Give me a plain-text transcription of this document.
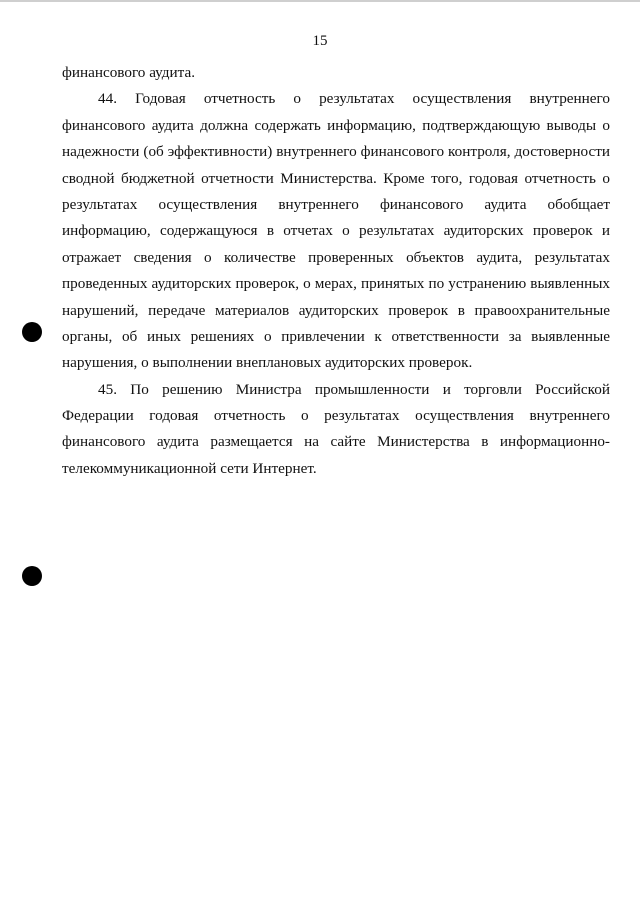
15
финансового аудита.
44. Годовая отчетность о результатах осуществления внутреннего
финансового аудита должна содержать информацию, подтверждающую выводы о
надежности (об эффективности) внутреннего финансового контроля, достоверности
сводной бюджетной отчетности Министерства. Кроме того, годовая отчетность о
результатах осуществления внутреннего финансового аудита обобщает
информацию, содержащуюся в отчетах о результатах аудиторских проверок и
отражает сведения о количестве проверенных объектов аудита, результатах
проведенных аудиторских проверок, о мерах, принятых по устранению выявленных
нарушений, передаче материалов аудиторских проверок в правоохранительные
органы, об иных решениях о привлечении к ответственности за выявленные
нарушения, о выполнении внеплановых аудиторских проверок.
45. По решению Министра промышленности и торговли Российской
Федерации годовая отчетность о результатах осуществления внутреннего
финансового аудита размещается на сайте Министерства в информационно-
телекоммуникационной сети Интернет.
